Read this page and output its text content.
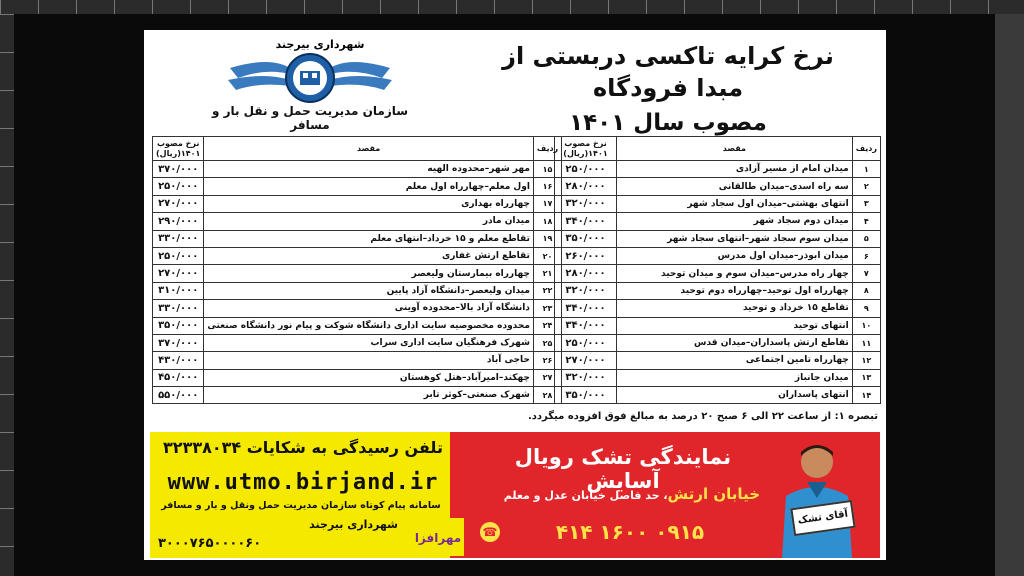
نرخ کرایه تاکسی دربستی از مبدا فرودگاه
مصوب سال ۱۴۰۱
شهرداری بیرجند
سازمان مدیریت حمل و نقل بار و مسافر
ردیف	مقصد	نرخ مصوب ۱۴۰۱(ریال)
۱	میدان امام از مسیر آزادی	۲۵۰/۰۰۰
۲	سه راه اسدی–میدان طالقانی	۲۸۰/۰۰۰
۳	انتهای بهشتی–میدان اول سجاد شهر	۳۲۰/۰۰۰
۴	میدان دوم سجاد شهر	۳۴۰/۰۰۰
۵	میدان سوم سجاد شهر–انتهای سجاد شهر	۳۵۰/۰۰۰
۶	میدان ابوذر–میدان اول مدرس	۲۶۰/۰۰۰
۷	چهار راه مدرس–میدان سوم و میدان توحید	۲۸۰/۰۰۰
۸	چهارراه اول توحید–چهارراه دوم توحید	۳۲۰/۰۰۰
۹	تقاطع ۱۵ خرداد و توحید	۳۴۰/۰۰۰
۱۰	انتهای توحید	۳۴۰/۰۰۰
۱۱	تقاطع ارتش پاسداران–میدان قدس	۲۵۰/۰۰۰
۱۲	چهارراه تامین اجتماعی	۲۷۰/۰۰۰
۱۳	میدان جانباز	۳۲۰/۰۰۰
۱۴	انتهای پاسداران	۳۵۰/۰۰۰
ردیف	مقصد	نرخ مصوب ۱۴۰۱(ریال)
۱۵	مهر شهر–محدوده الهیه	۳۷۰/۰۰۰
۱۶	اول معلم–چهارراه اول معلم	۲۵۰/۰۰۰
۱۷	چهارراه بهداری	۲۷۰/۰۰۰
۱۸	میدان مادر	۲۹۰/۰۰۰
۱۹	تقاطع معلم و ۱۵ خرداد–انتهای معلم	۳۳۰/۰۰۰
۲۰	تقاطع ارتش غفاری	۲۵۰/۰۰۰
۲۱	چهارراه بیمارستان ولیعصر	۲۷۰/۰۰۰
۲۲	میدان ولیعصر–دانشگاه آزاد پایین	۳۱۰/۰۰۰
۲۳	دانشگاه آزاد بالا–محدوده آوینی	۳۳۰/۰۰۰
۲۴	محدوده مخصوصیه سایت اداری دانشگاه شوکت و پیام نور دانشگاه صنعتی	۳۵۰/۰۰۰
۲۵	شهرک فرهنگیان سایت اداری سراب	۳۷۰/۰۰۰
۲۶	حاجی آباد	۴۳۰/۰۰۰
۲۷	چهکند–امیرآباد–هتل کوهستان	۴۵۰/۰۰۰
۲۸	شهرک صنعتی–کوثر تابر	۵۵۰/۰۰۰
تبصره ۱: از ساعت ۲۲ الی ۶ صبح ۲۰ درصد به مبالغ فوق افزوده میگردد.
نمایندگی تشک رویال آسایش
خیابان ارتش، حد فاصل خیابان عدل و معلم
☎	۰۹۱۵ ۱۶۰۰ ۴۱۴
آقای تشک
تلفن رسیدگی به شکایات ۳۲۳۳۸۰۳۴
www.utmo.birjand.ir
سامانه پیام کوتاه سازمان مدیریت حمل ونقل و بار و مسافر
شهرداری بیرجند
۳۰۰۰۷۶۵۰۰۰۰۶۰	مهرافزا
